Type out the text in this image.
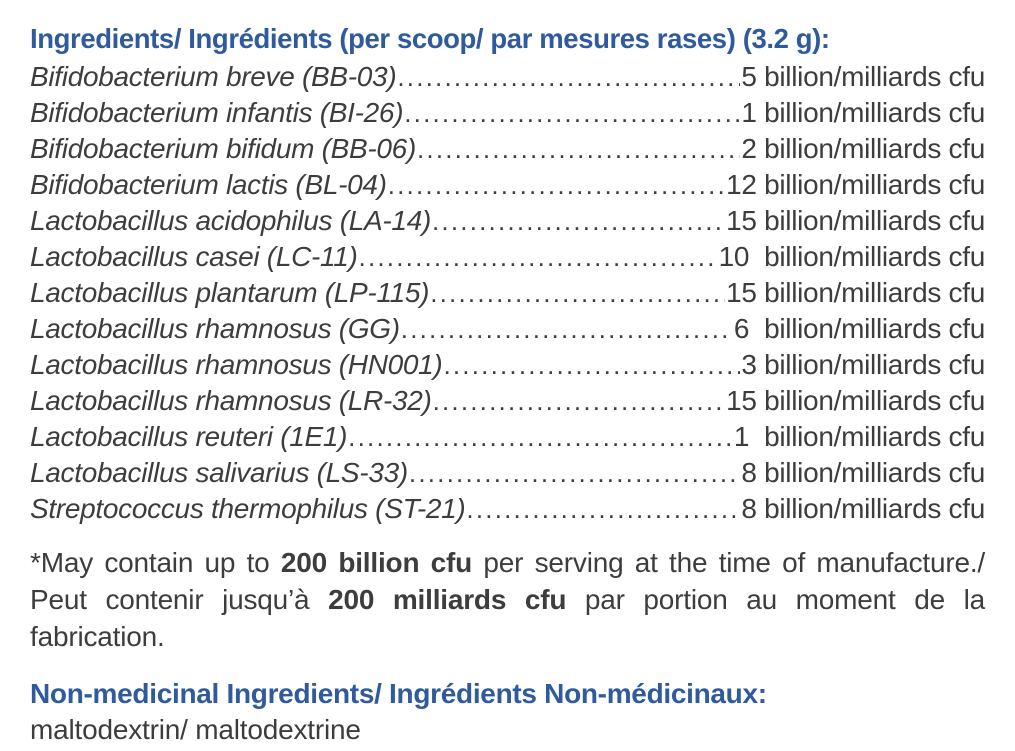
Ingredients/ Ingrédients (per scoop/ par mesures rases) (3.2 g):
Bifidobacterium breve (BB-03) .....	5 billion/milliards cfu
Bifidobacterium infantis (BI-26) .....	1 billion/milliards cfu
Bifidobacterium bifidum (BB-06) .....	2 billion/milliards cfu
Bifidobacterium lactis (BL-04) .....	12 billion/milliards cfu
Lactobacillus acidophilus (LA-14) .....	15 billion/milliards cfu
Lactobacillus casei (LC-11) .....	10  billion/milliards cfu
Lactobacillus plantarum (LP-115) .....	15 billion/milliards cfu
Lactobacillus rhamnosus (GG) .....	6  billion/milliards cfu
Lactobacillus rhamnosus (HN001) .....	3 billion/milliards cfu
Lactobacillus rhamnosus (LR-32) .....	15 billion/milliards cfu
Lactobacillus reuteri (1E1) .....	1  billion/milliards cfu
Lactobacillus salivarius (LS-33) .....	8 billion/milliards cfu
Streptococcus thermophilus (ST-21) .....	8 billion/milliards cfu

*May contain up to 200 billion cfu per serving at the time of manufacture./ Peut contenir jusqu’à 200 milliards cfu par portion au moment de la fabrication.

Non-medicinal Ingredients/ Ingrédients Non-médicinaux:
maltodextrin/ maltodextrine
